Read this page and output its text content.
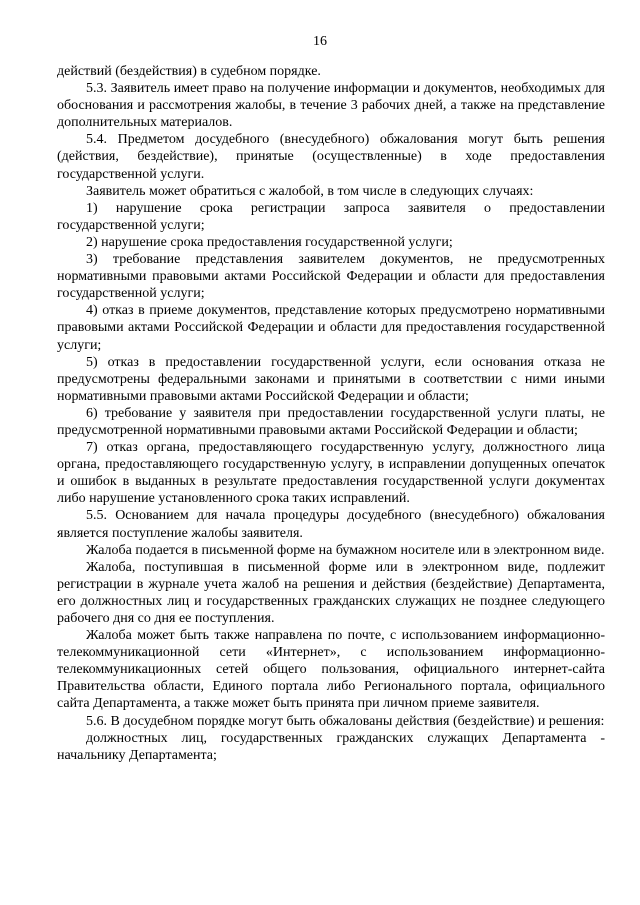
16

действий (бездействия) в судебном порядке.

5.3. Заявитель имеет право на получение информации и документов, необходимых для обоснования и рассмотрения жалобы, в течение 3 рабочих дней, а также на представление дополнительных материалов.

5.4. Предметом досудебного (внесудебного) обжалования могут быть решения (действия, бездействие), принятые (осуществленные) в ходе предоставления государственной услуги.

Заявитель может обратиться с жалобой, в том числе в следующих случаях:

1) нарушение срока регистрации запроса заявителя о предоставлении государственной услуги;

2) нарушение срока предоставления государственной услуги;

3) требование представления заявителем документов, не предусмотренных нормативными правовыми актами Российской Федерации и области для предоставления государственной услуги;

4) отказ в приеме документов, представление которых предусмотрено нормативными правовыми актами Российской Федерации и области для предоставления государственной услуги;

5) отказ в предоставлении государственной услуги, если основания отказа не предусмотрены федеральными законами и принятыми в соответствии с ними иными нормативными правовыми актами Российской Федерации и области;

6) требование у заявителя при предоставлении государственной услуги платы, не предусмотренной нормативными правовыми актами Российской Федерации и области;

7) отказ органа, предоставляющего государственную услугу, должностного лица органа, предоставляющего государственную услугу, в исправлении допущенных опечаток и ошибок в выданных в результате предоставления государственной услуги документах либо нарушение установленного срока таких исправлений.

5.5. Основанием для начала процедуры досудебного (внесудебного) обжалования является поступление жалобы заявителя.

Жалоба подается в письменной форме на бумажном носителе или в электронном виде.

Жалоба, поступившая в письменной форме или в электронном виде, подлежит регистрации в журнале учета жалоб на решения и действия (бездействие) Департамента, его должностных лиц и государственных гражданских служащих не позднее следующего рабочего дня со дня ее поступления.

Жалоба может быть также направлена по почте, с использованием информационно-телекоммуникационной сети «Интернет», с использованием информационно-телекоммуникационных сетей общего пользования, официального интернет-сайта Правительства области, Единого портала либо Регионального портала, официального сайта Департамента, а также может быть принята при личном приеме заявителя.

5.6. В досудебном порядке могут быть обжалованы действия (бездействие) и решения:

должностных лиц, государственных гражданских служащих Департамента - начальнику Департамента;
